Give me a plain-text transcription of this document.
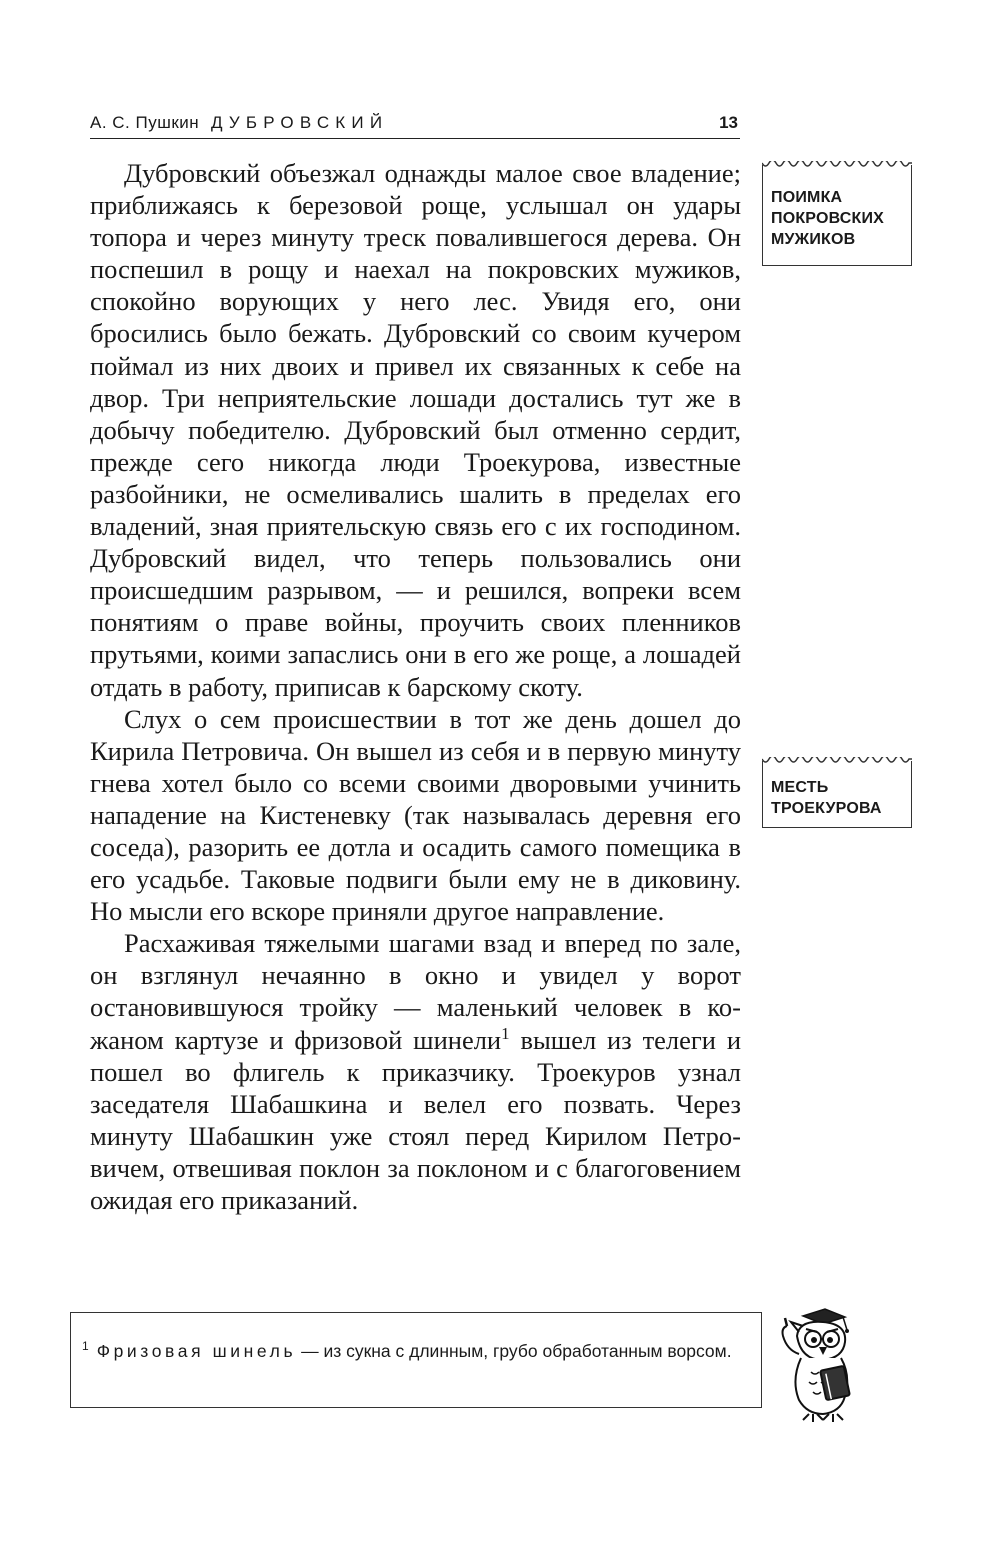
А. С. Пушкин ДУБРОВСКИЙ	13

Дубровский объезжал однажды малое свое владение; приближаясь к березовой роще, услышал он удары топора и через минуту треск повалившегося дерева. Он поспешил в рощу и наехал на покровских мужиков, спокойно ворующих у него лес. Увидя его, они бросились было бежать. Дубровский со своим кучером поймал из них двоих и привел их связанных к себе на двор. Три неприятельские лошади достались тут же в добычу победителю. Дубровский был отменно сердит, прежде сего никогда люди Троекурова, известные разбойники, не осмеливались шалить в пределах его владений, зная приятельскую связь его с их господином. Дубровский видел, что теперь пользовались они происшедшим разрывом, — и решился, вопреки всем понятиям о праве войны, проучить своих пленников прутьями, коими запаслись они в его же роще, а лошадей отдать в работу, приписав к барскому скоту.

Слух о сем происшествии в тот же день дошел до Кирила Петровича. Он вышел из себя и в первую минуту гнева хотел было со всеми своими дворовыми учинить нападение на Кистеневку (так называлась деревня его соседа), разорить ее дотла и осадить самого помещика в его усадьбе. Таковые подвиги были ему не в диковину. Но мысли его вскоре приняли другое направление.

Расхаживая тяжелыми шагами взад и вперед по зале, он взглянул нечаянно в окно и увидел у ворот остановившуюся тройку — маленький человек в кожаном картузе и фризовой шинели$^1$ вышел из телеги и пошел во флигель к приказчику. Троекуров узнал заседателя Шабашкина и велел его позвать. Через минуту Шабашкин уже стоял перед Кирилом Петровичем, отвешивая поклон за поклоном и с благоговением ожидая его приказаний.

ПОИМКА
ПОКРОВСКИХ
МУЖИКОВ
МЕСТЬ
ТРОЕКУРОВА
$^1$ Фризовая шинель — из сукна с длинным, грубо обработанным ворсом.
